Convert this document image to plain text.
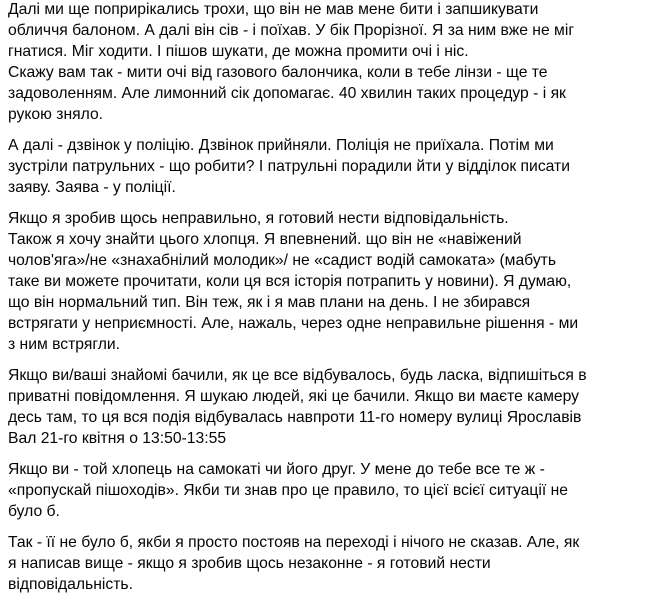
Далі ми ще поприрікались трохи, що він не мав мене бити і запшикувати
обличчя балоном. А далі він сів - і поїхав. У бік Прорізної. Я за ним вже не міг
гнатися. Міг ходити. І пішов шукати, де можна промити очі і ніс.
Скажу вам так - мити очі від газового балончика, коли в тебе лінзи - ще те
задоволенням. Але лимонний сік допомагає. 40 хвилин таких процедур - і як
рукою зняло.
А далі - дзвінок у поліцію. Дзвінок прийняли. Поліція не приїхала. Потім ми
зустріли патрульних - що робити? І патрульні порадили йти у відділок писати
заяву. Заява - у поліції.
Якщо я зробив щось неправильно, я готовий нести відповідальність.
Також я хочу знайти цього хлопця. Я впевнений. що він не «навіжений
чолов'яга»/не «знахабнілий молодик»/ не «садист водій самоката» (мабуть
таке ви можете прочитати, коли ця вся історія потрапить у новини). Я думаю,
що він нормальний тип. Він теж, як і я мав плани на день. І не збирався
встрягати у неприємності. Але, нажаль, через одне неправильне рішення - ми
з ним встрягли.
Якщо ви/ваші знайомі бачили, як це все відбувалось, будь ласка, відпишіться в
приватні повідомлення. Я шукаю людей, які це бачили. Якщо ви маєте камеру
десь там, то ця вся подія відбувалась навпроти 11-го номеру вулиці Ярославів
Вал 21-го квітня о 13:50-13:55
Якщо ви - той хлопець на самокаті чи його друг. У мене до тебе все те ж -
«пропускай пішоходів». Якби ти знав про це правило, то цієї всієї ситуації не
було б.
Так - її не було б, якби я просто постояв на переході і нічого не сказав. Але, як
я написав вище - якщо я зробив щось незаконне - я готовий нести
відповідальність.
